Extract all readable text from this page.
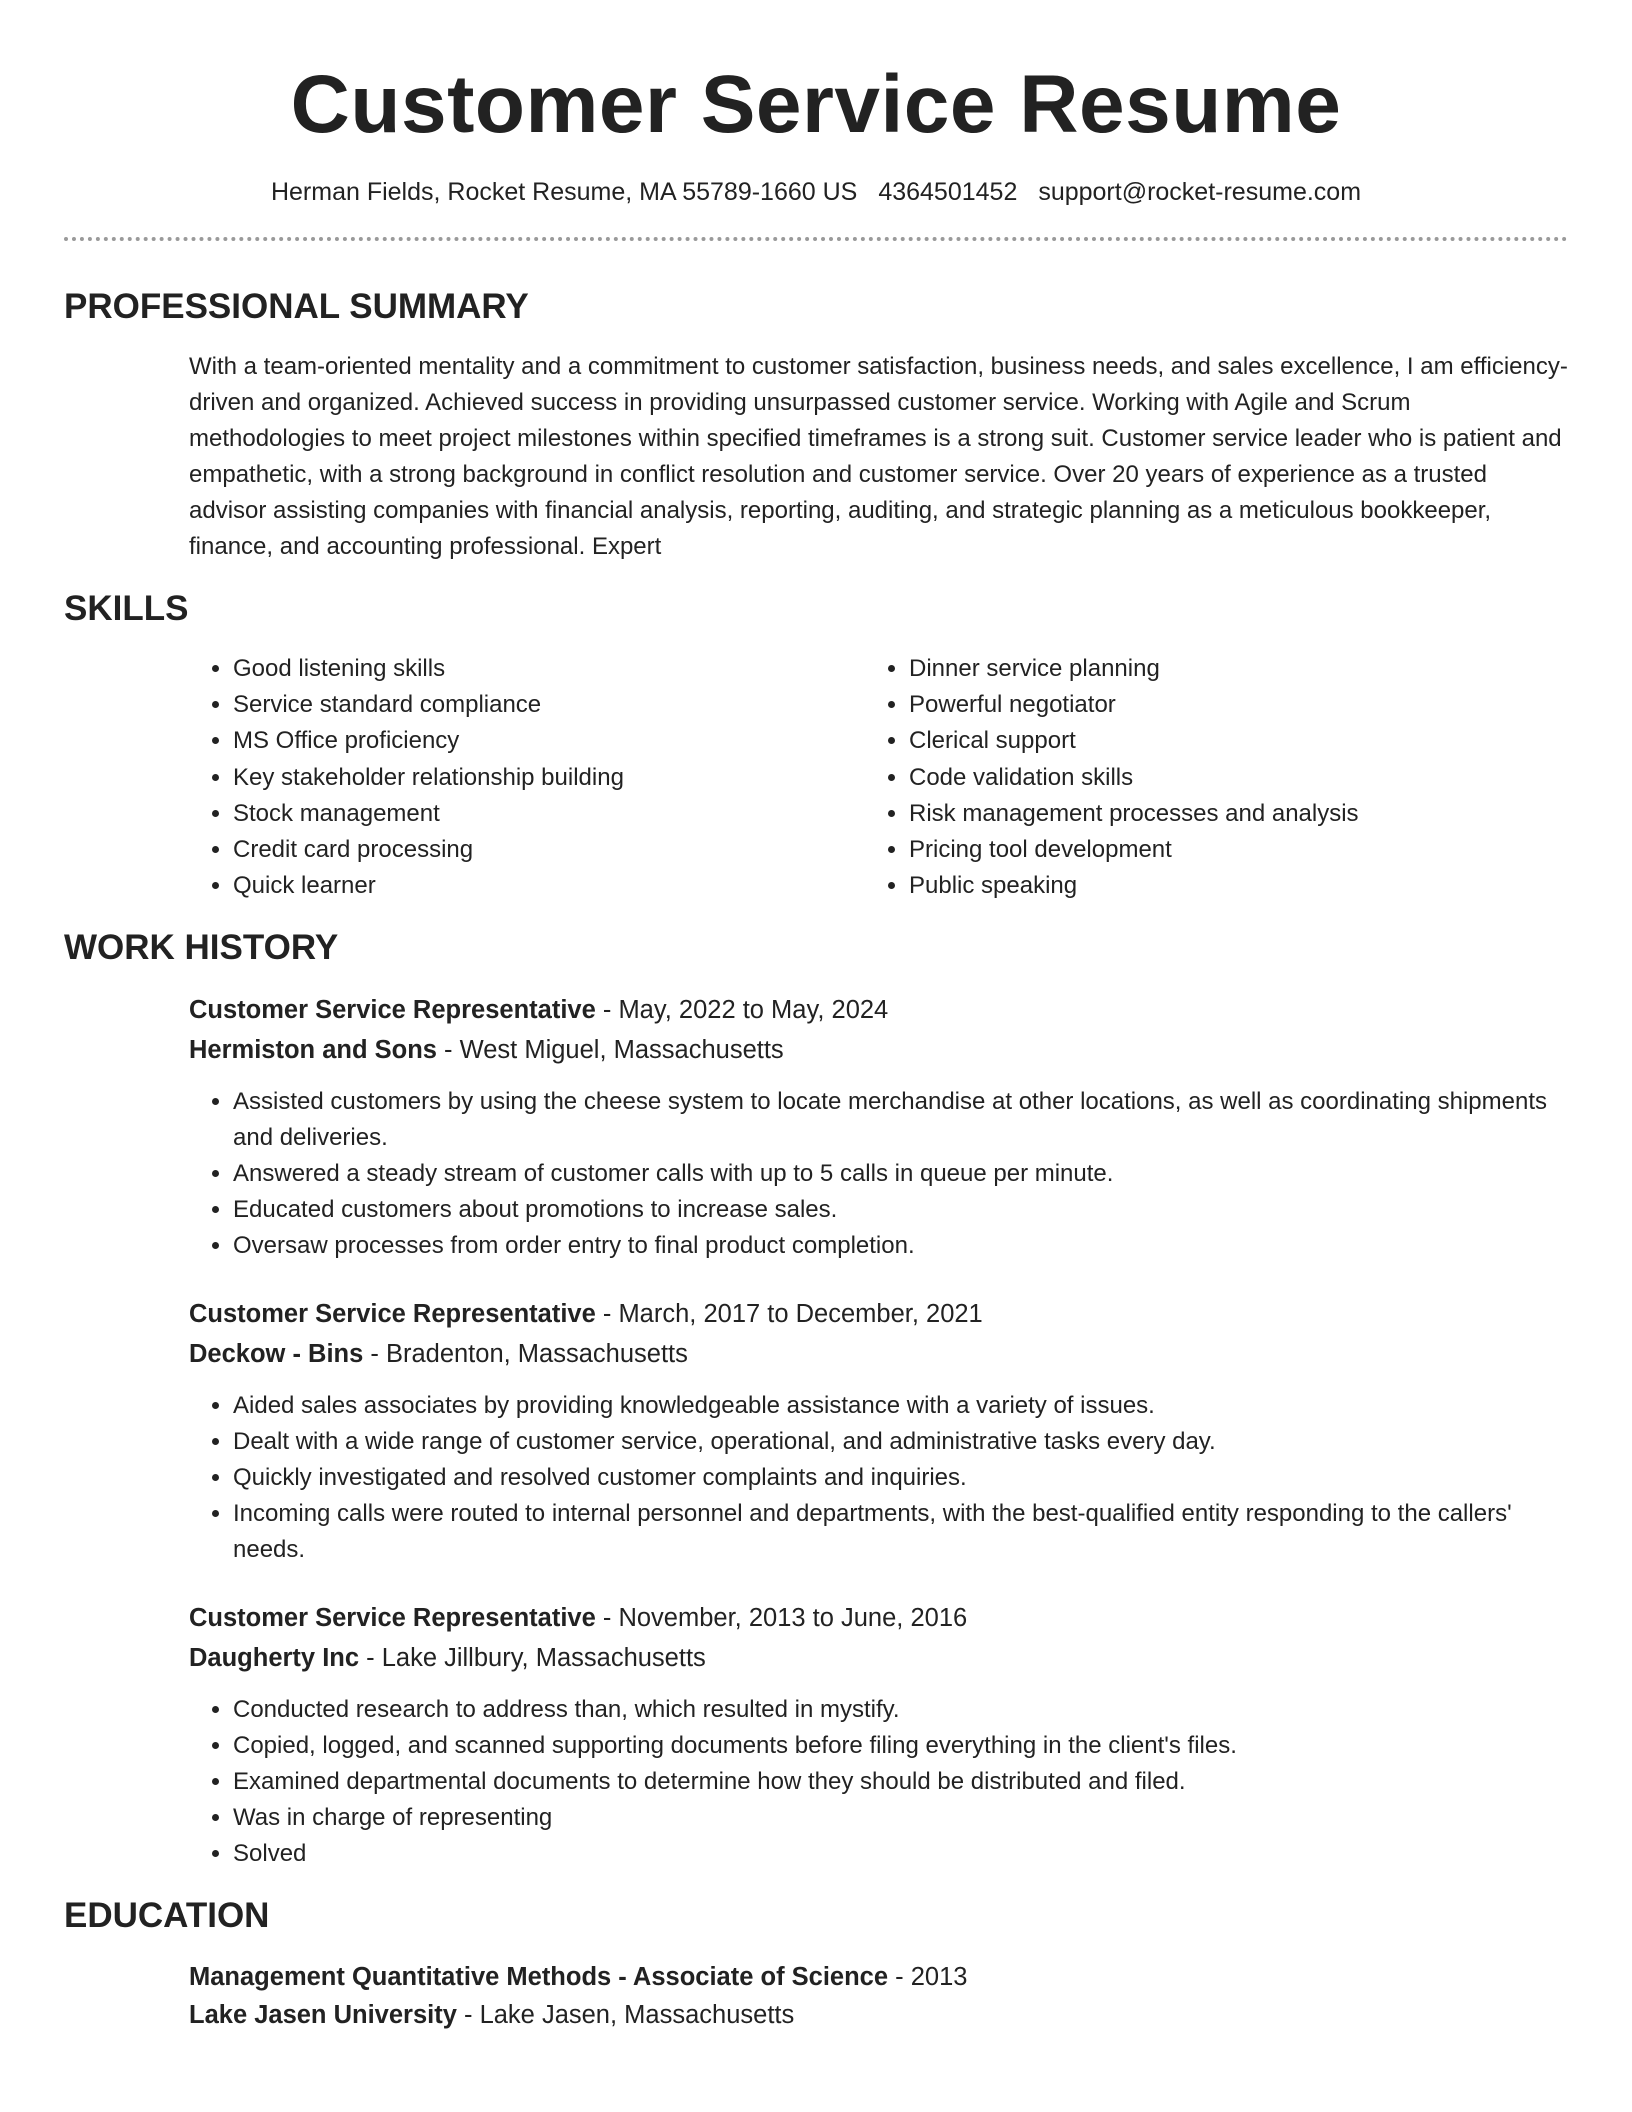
Customer Service Resume
Herman Fields, Rocket Resume, MA 55789-1660 US 4364501452 support@rocket-resume.com
PROFESSIONAL SUMMARY

With a team-oriented mentality and a commitment to customer satisfaction, business needs, and sales excellence, I am efficiency-driven and organized. Achieved success in providing unsurpassed customer service. Working with Agile and Scrum methodologies to meet project milestones within specified timeframes is a strong suit. Customer service leader who is patient and empathetic, with a strong background in conflict resolution and customer service. Over 20 years of experience as a trusted advisor assisting companies with financial analysis, reporting, auditing, and strategic planning as a meticulous bookkeeper, finance, and accounting professional. Expert

SKILLS
• Good listening skills
• Service standard compliance
• MS Office proficiency
• Key stakeholder relationship building
• Stock management
• Credit card processing
• Quick learner
• Dinner service planning
• Powerful negotiator
• Clerical support
• Code validation skills
• Risk management processes and analysis
• Pricing tool development
• Public speaking
WORK HISTORY
Customer Service Representative - May, 2022 to May, 2024
Hermiston and Sons - West Miguel, Massachusetts
• Assisted customers by using the cheese system to locate merchandise at other locations, as well as coordinating shipments and deliveries.
• Answered a steady stream of customer calls with up to 5 calls in queue per minute.
• Educated customers about promotions to increase sales.
• Oversaw processes from order entry to final product completion.
Customer Service Representative - March, 2017 to December, 2021
Deckow - Bins - Bradenton, Massachusetts
• Aided sales associates by providing knowledgeable assistance with a variety of issues.
• Dealt with a wide range of customer service, operational, and administrative tasks every day.
• Quickly investigated and resolved customer complaints and inquiries.
• Incoming calls were routed to internal personnel and departments, with the best-qualified entity responding to the callers' needs.
Customer Service Representative - November, 2013 to June, 2016
Daugherty Inc - Lake Jillbury, Massachusetts
• Conducted research to address than, which resulted in mystify.
• Copied, logged, and scanned supporting documents before filing everything in the client's files.
• Examined departmental documents to determine how they should be distributed and filed.
• Was in charge of representing
• Solved
EDUCATION
Management Quantitative Methods - Associate of Science - 2013
Lake Jasen University - Lake Jasen, Massachusetts
